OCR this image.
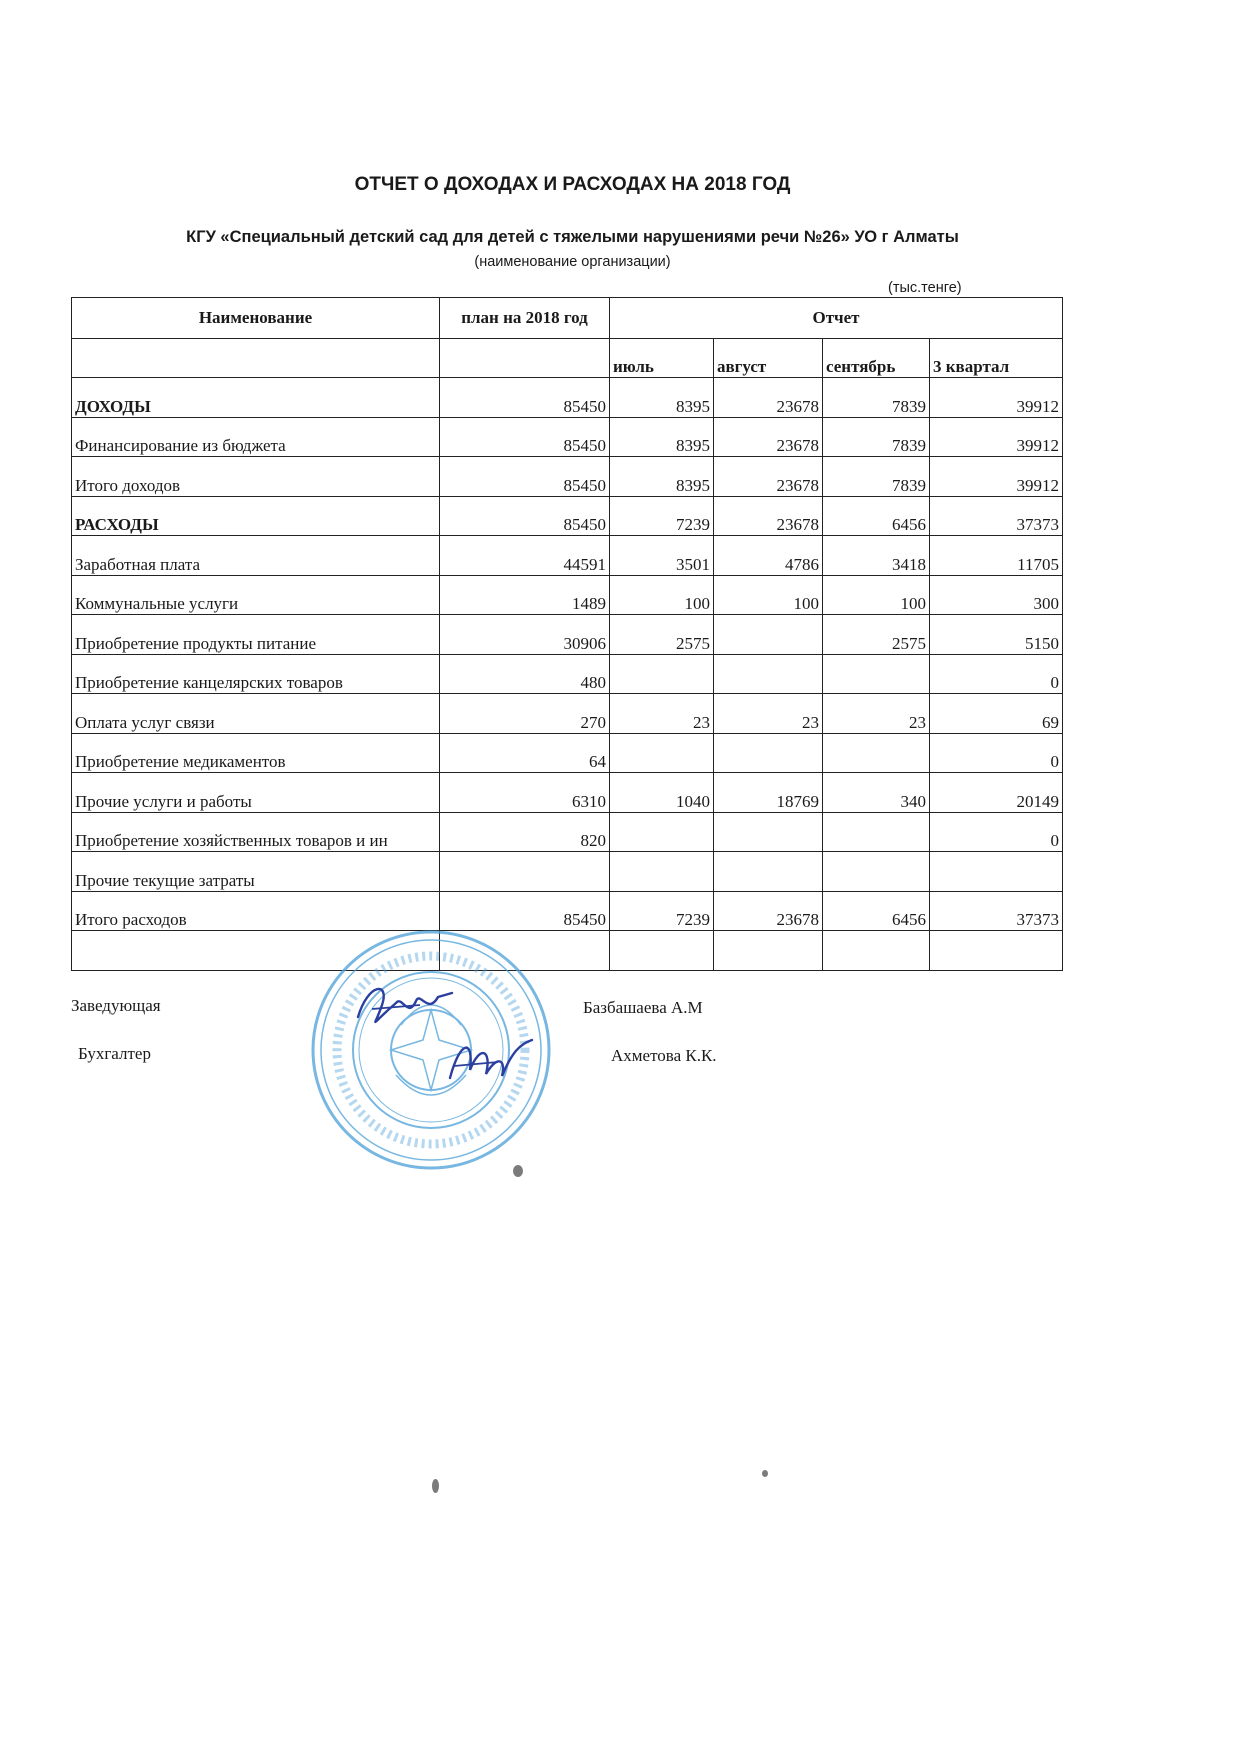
ОТЧЕТ О ДОХОДАХ И РАСХОДАХ НА 2018 ГОД
КГУ «Специальный детский сад для детей с тяжелыми нарушениями речи №26» УО г Алматы
(наименование организации)
(тыс.тенге)
Наименование	план на 2018 год	Отчет			
		июль	август	сентябрь	3 квартал
ДОХОДЫ	85450	8395	23678	7839	39912
Финансирование из бюджета	85450	8395	23678	7839	39912
Итого доходов	85450	8395	23678	7839	39912
РАСХОДЫ	85450	7239	23678	6456	37373
Заработная плата	44591	3501	4786	3418	11705
Коммунальные услуги	1489	100	100	100	300
Приобретение продукты питание	30906	2575		2575	5150
Приобретение канцелярских товаров	480				0
Оплата услуг связи	270	23	23	23	69
Приобретение медикаментов	64				0
Прочие услуги и работы	6310	1040	18769	340	20149
Приобретение хозяйственных товаров и ин	820				0
Прочие текущие затраты					
Итого расходов	85450	7239	23678	6456	37373

Заведующая	Базбашаева А.М
Бухгалтер	Ахметова К.К.
